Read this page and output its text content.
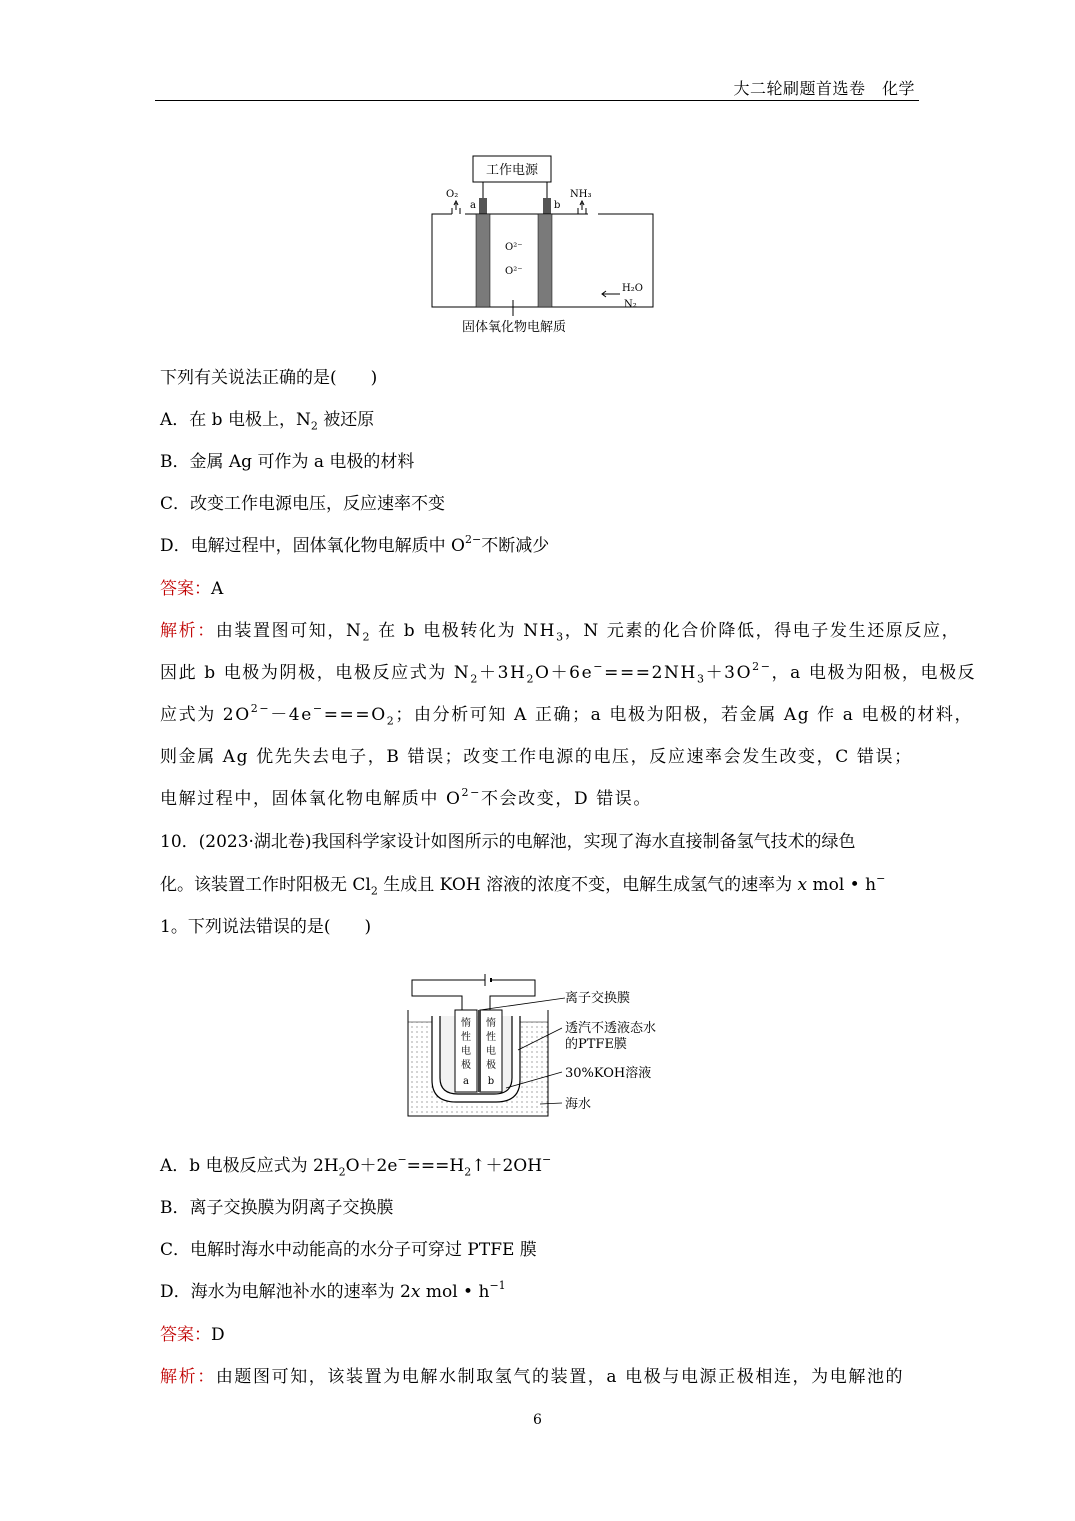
大二轮刷题首选卷　化学
工作电源
a	b
O₂	NH₃
O²⁻
O²⁻
H₂O
N₂
固体氧化物电解质
下列有关说法正确的是(　　)
A．在 b 电极上，$N_2$ 被还原
B．金属 Ag 可作为 a 电极的材料
C．改变工作电源电压，反应速率不变
D．电解过程中，固体氧化物电解质中 $O^{2-}$不断减少
答案：A
解析：由装置图可知，$N_2$ 在 b 电极转化为 $NH_3$，N 元素的化合价降低，得电子发生还原反应，
因此 b 电极为阴极，电极反应式为 $N_2+3H_2O+6e^-===2NH_3+3O^{2-}$，a 电极为阳极，电极反
应式为 $2O^{2-}-4e^-===O_2$；由分析可知 A 正确；a 电极为阳极，若金属 Ag 作 a 电极的材料，
则金属 Ag 优先失去电子，B 错误；改变工作电源的电压，反应速率会发生改变，C 错误；
电解过程中，固体氧化物电解质中 $O^{2-}$不会改变，D 错误。
10．(2023·湖北卷)我国科学家设计如图所示的电解池，实现了海水直接制备氢气技术的绿色
化。该装置工作时阳极无 $Cl_2$ 生成且 KOH 溶液的浓度不变，电解生成氢气的速率为 x mol • h−
1。下列说法错误的是(　　)
惰
性
电
极
a
惰
性
电
极
b
离子交换膜
透汽不透液态水
的PTFE膜
30%KOH溶液
海水
A．b 电极反应式为 $2H_2O+2e^-===H_2↑+2OH^-$
B．离子交换膜为阴离子交换膜
C．电解时海水中动能高的水分子可穿过 PTFE 膜
D．海水为电解池补水的速率为 2x mol • $h^{-1}$
答案：D
解析：由题图可知，该装置为电解水制取氢气的装置，a 电极与电源正极相连，为电解池的
6
